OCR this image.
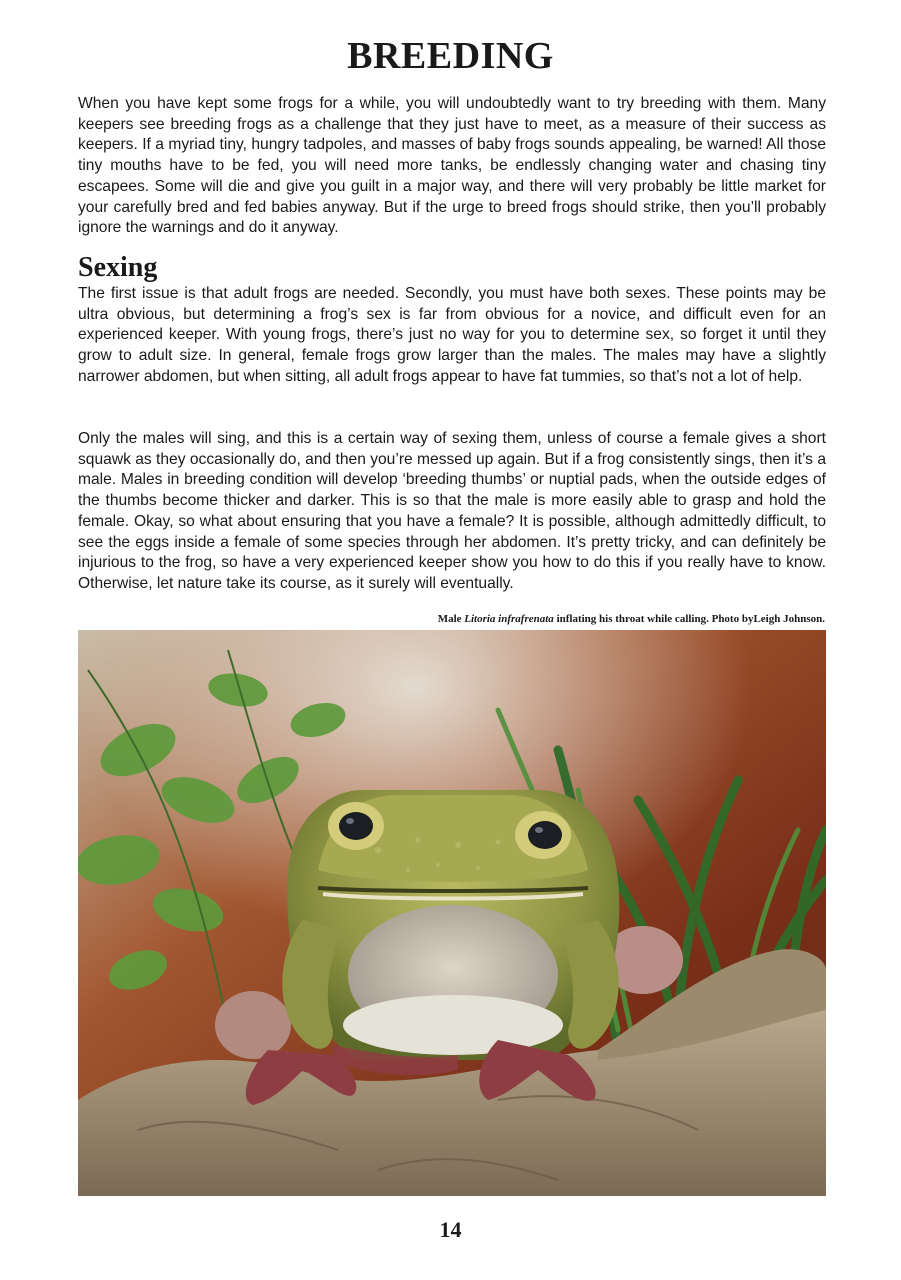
BREEDING

When you have kept some frogs for a while, you will undoubtedly want to try breeding with them. Many keepers see breeding frogs as a challenge that they just have to meet, as a measure of their success as keepers. If a myriad tiny, hungry tadpoles, and masses of baby frogs sounds appealing, be warned! All those tiny mouths have to be fed, you will need more tanks, be endlessly changing water and chasing tiny escapees. Some will die and give you guilt in a major way, and there will very probably be little market for your carefully bred and fed babies anyway. But if the urge to breed frogs should strike, then you’ll probably ignore the warnings and do it anyway.

Sexing

The first issue is that adult frogs are needed. Secondly, you must have both sexes. These points may be ultra obvious, but determining a frog’s sex is far from obvious for a novice, and difficult even for an experienced keeper. With young frogs, there’s just no way for you to determine sex, so forget it until they grow to adult size. In general, female frogs grow larger than the males. The males may have a slightly narrower abdomen, but when sitting, all adult frogs appear to have fat tummies, so that’s not a lot of help.

Only the males will sing, and this is a certain way of sexing them, unless of course a female gives a short squawk as they occasionally do, and then you’re messed up again. But if a frog consistently sings, then it’s a male. Males in breeding condition will develop ‘breeding thumbs’ or nuptial pads, when the outside edges of the thumbs become thicker and darker. This is so that the male is more easily able to grasp and hold the female. Okay, so what about ensuring that you have a female? It is possible, although admittedly difficult, to see the eggs inside a female of some species through her abdomen. It’s pretty tricky, and can definitely be injurious to the frog, so have a very experienced keeper show you how to do this if you really have to know. Otherwise, let nature take its course, as it surely will eventually.

Male Litoria infrafrenata inflating his throat while calling. Photo byLeigh Johnson.

14
